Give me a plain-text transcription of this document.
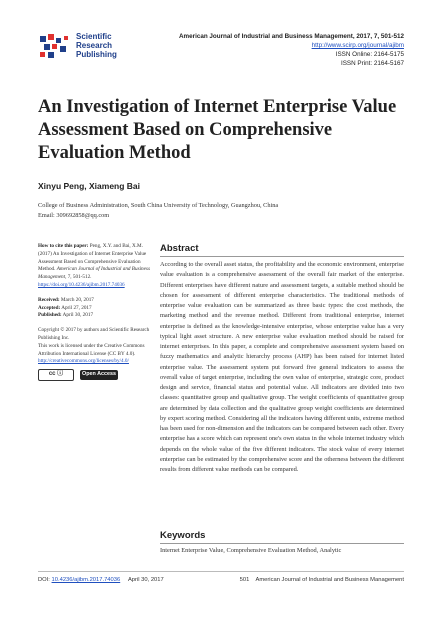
Scientific
Research
Publishing
American Journal of Industrial and Business Management, 2017, 7, 501-512
http://www.scirp.org/journal/ajibm
ISSN Online: 2164-5175
ISSN Print: 2164-5167
An Investigation of Internet Enterprise Value Assessment Based on Comprehensive Evaluation Method
Xinyu Peng, Xiameng Bai
College of Business Administration, South China University of Technology, Guangzhou, China
Email: 309692858@qq.com
How to cite this paper: Peng, X.Y. and Bai, X.M. (2017) An Investigation of Internet Enterprise Value Assessment Based on Comprehensive Evaluation Method. American Journal of Industrial and Business Management, 7, 501-512. https://doi.org/10.4236/ajibm.2017.74036
Received: March 20, 2017
Accepted: April 27, 2017
Published: April 30, 2017
Copyright © 2017 by authors and Scientific Research Publishing Inc.
This work is licensed under the Creative Commons Attribution International License (CC BY 4.0).
http://creativecommons.org/licenses/by/4.0/
cc ⓘ	Open Access
Abstract
According to the overall asset status, the profitability and the economic environment, enterprise value evaluation is a comprehensive assessment of the overall fair market of the enterprise. Different enterprises have different nature and assessment targets, a suitable method should be chosen for assessment of different enterprise characteristics. The traditional methods of enterprise value evaluation can be summarized as three basic types: the cost methods, the marketing method and the revenue method. Different from traditional enterprise, internet enterprise is defined as the knowledge-intensive enterprise, whose enterprise value has a very typical light asset structure. A new enterprise value evaluation method should be raised for internet enterprises. In this paper, a complete and comprehensive assessment system based on fuzzy mathematics and analytic hierarchy process (AHP) has been raised for internet listed enterprise value. The assessment system put forward five general indicators to assess the overall value of target enterprise, including the own value of enterprise, strategic core, product design and service, financial status and potential value. All indicators are divided into two classes: quantitative group and qualitative group. The weight coefficients of quantitative group are determined by data collection and the qualitative group weight coefficients are determined by expert scoring method. Considering all the indicators having different units, extreme method has been used for non-dimension and the indicators can be compared between each other. Every enterprise has a score which can represent one's own status in the whole internet industry which depends on the whole value of the five different indicators. The stock value of every internet enterprise can be estimated by the comprehensive score and the otherness between the different results from different value methods can be compared.
Keywords
Internet Enterprise Value, Comprehensive Evaluation Method, Analytic
DOI: 10.4236/ajibm.2017.74036 April 30, 2017	501 American Journal of Industrial and Business Management
